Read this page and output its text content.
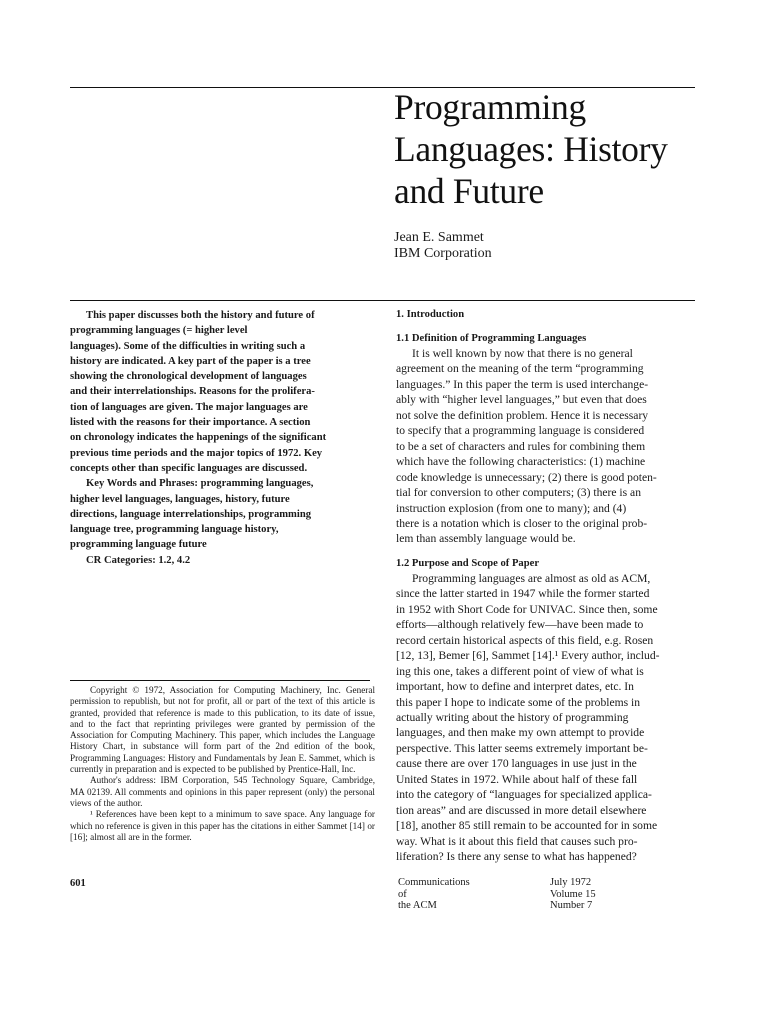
Programming
Languages: History
and Future
Jean E. Sammet
IBM Corporation
This paper discusses both the history and future of
programming languages (= higher level
languages). Some of the difficulties in writing such a
history are indicated. A key part of the paper is a tree
showing the chronological development of languages
and their interrelationships. Reasons for the prolifera-
tion of languages are given. The major languages are
listed with the reasons for their importance. A section
on chronology indicates the happenings of the significant
previous time periods and the major topics of 1972. Key
concepts other than specific languages are discussed.
Key Words and Phrases: programming languages,
higher level languages, languages, history, future
directions, language interrelationships, programming
language tree, programming language history,
programming language future
CR Categories: 1.2, 4.2

Copyright © 1972, Association for Computing Machinery, Inc. General permission to republish, but not for profit, all or part of the text of this article is granted, provided that reference is made to this publication, to its date of issue, and to the fact that reprinting privileges were granted by permission of the Association for Computing Machinery. This paper, which includes the Language History Chart, in substance will form part of the 2nd edition of the book, Programming Languages: History and Fundamentals by Jean E. Sammet, which is currently in preparation and is expected to be published by Prentice-Hall, Inc.

Author's address: IBM Corporation, 545 Technology Square, Cambridge, MA 02139. All comments and opinions in this paper represent (only) the personal views of the author.

¹ References have been kept to a minimum to save space. Any language for which no reference is given in this paper has the citations in either Sammet [14] or [16]; almost all are in the former.

601
1. Introduction
1.1 Definition of Programming Languages
It is well known by now that there is no general
agreement on the meaning of the term “programming
languages.” In this paper the term is used interchange-
ably with “higher level languages,” but even that does
not solve the definition problem. Hence it is necessary
to specify that a programming language is considered
to be a set of characters and rules for combining them
which have the following characteristics: (1) machine
code knowledge is unnecessary; (2) there is good poten-
tial for conversion to other computers; (3) there is an
instruction explosion (from one to many); and (4)
there is a notation which is closer to the original prob-
lem than assembly language would be.
1.2 Purpose and Scope of Paper
Programming languages are almost as old as ACM,
since the latter started in 1947 while the former started
in 1952 with Short Code for UNIVAC. Since then, some
efforts—although relatively few—have been made to
record certain historical aspects of this field, e.g. Rosen
[12, 13], Bemer [6], Sammet [14].¹ Every author, includ-
ing this one, takes a different point of view of what is
important, how to define and interpret dates, etc. In
this paper I hope to indicate some of the problems in
actually writing about the history of programming
languages, and then make my own attempt to provide
perspective. This latter seems extremely important be-
cause there are over 170 languages in use just in the
United States in 1972. While about half of these fall
into the category of “languages for specialized applica-
tion areas” and are discussed in more detail elsewhere
[18], another 85 still remain to be accounted for in some
way. What is it about this field that causes such pro-
liferation? Is there any sense to what has happened?
Communications
of
the ACM
July 1972
Volume 15
Number 7
